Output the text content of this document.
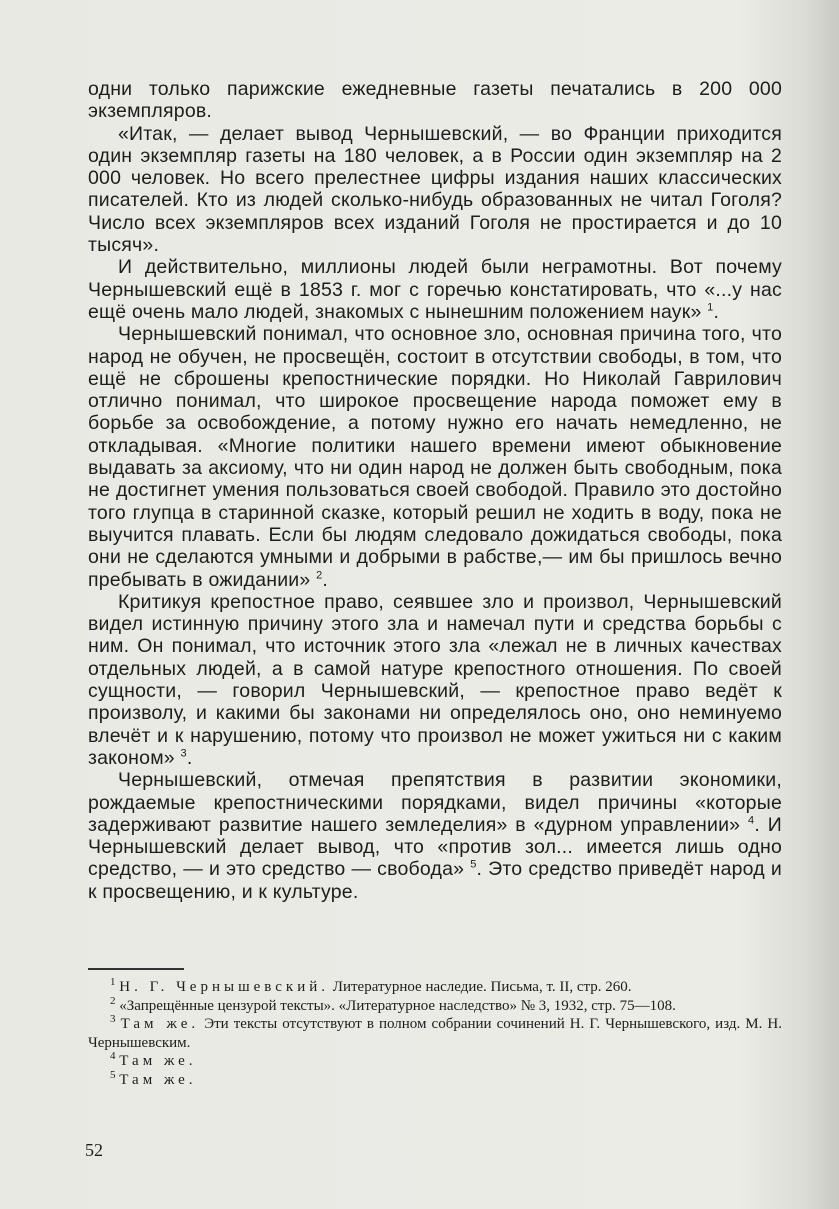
одни только парижские ежедневные газеты печатались в 200 000 экземпляров.

«Итак, — делает вывод Чернышевский, — во Франции приходится один экземпляр газеты на 180 человек, а в России один экземпляр на 2 000 человек. Но всего прелестнее цифры издания наших классических писателей. Кто из людей сколько-нибудь образованных не читал Гоголя? Число всех экземпляров всех изданий Гоголя не простирается и до 10 тысяч».

И действительно, миллионы людей были неграмотны. Вот почему Чернышевский ещё в 1853 г. мог с горечью констатировать, что «...у нас ещё очень мало людей, знакомых с нынешним положением наук» $^1$.

Чернышевский понимал, что основное зло, основная причина того, что народ не обучен, не просвещён, состоит в отсутствии свободы, в том, что ещё не сброшены крепостнические порядки. Но Николай Гаврилович отлично понимал, что широкое просвещение народа поможет ему в борьбе за освобождение, а потому нужно его начать немедленно, не откладывая. «Многие политики нашего времени имеют обыкновение выдавать за аксиому, что ни один народ не должен быть свободным, пока не достигнет умения пользоваться своей свободой. Правило это достойно того глупца в старинной сказке, который решил не ходить в воду, пока не выучится плавать. Если бы людям следовало дожидаться свободы, пока они не сделаются умными и добрыми в рабстве,— им бы пришлось вечно пребывать в ожидании» $^2$.

Критикуя крепостное право, сеявшее зло и произвол, Чернышевский видел истинную причину этого зла и намечал пути и средства борьбы с ним. Он понимал, что источник этого зла «лежал не в личных качествах отдельных людей, а в самой натуре крепостного отношения. По своей сущности, — говорил Чернышевский, — крепостное право ведёт к произволу, и какими бы законами ни определялось оно, оно неминуемо влечёт и к нарушению, потому что произвол не может ужиться ни с каким законом» $^3$.

Чернышевский, отмечая препятствия в развитии экономики, рождаемые крепостническими порядками, видел причины «которые задерживают развитие нашего земледелия» в «дурном управлении» $^4$. И Чернышевский делает вывод, что «против зол... имеется лишь одно средство, — и это средство — свобода» $^5$. Это средство приведёт народ и к просвещению, и к культуре.

$^1$ Н. Г. Чернышевский. Литературное наследие. Письма, т. II, стр. 260.

$^2$ «Запрещённые цензурой тексты». «Литературное наследство» № 3, 1932, стр. 75—108.

$^3$ Там же. Эти тексты отсутствуют в полном собрании сочинений Н. Г. Чернышевского, изд. М. Н. Чернышевским.

$^4$ Там же.

$^5$ Там же.

52
